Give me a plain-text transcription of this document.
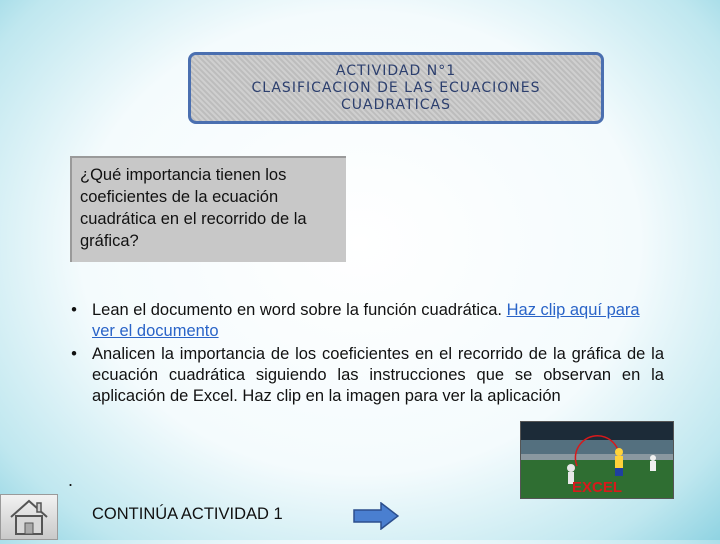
ACTIVIDAD N°1
CLASIFICACION DE LAS ECUACIONES
CUADRATICAS
¿Qué importancia tienen los coeficientes de la ecuación cuadrática en el recorrido de la gráfica?
• Lean el documento en word sobre la función cuadrática. Haz clip aquí para ver el documento
• Analicen la importancia de los coeficientes en el recorrido de la gráfica de la ecuación cuadrática siguiendo las instrucciones que se observan en la aplicación de Excel. Haz clip en la imagen para ver la aplicación
EXCEL
.
CONTINÚA ACTIVIDAD 1
